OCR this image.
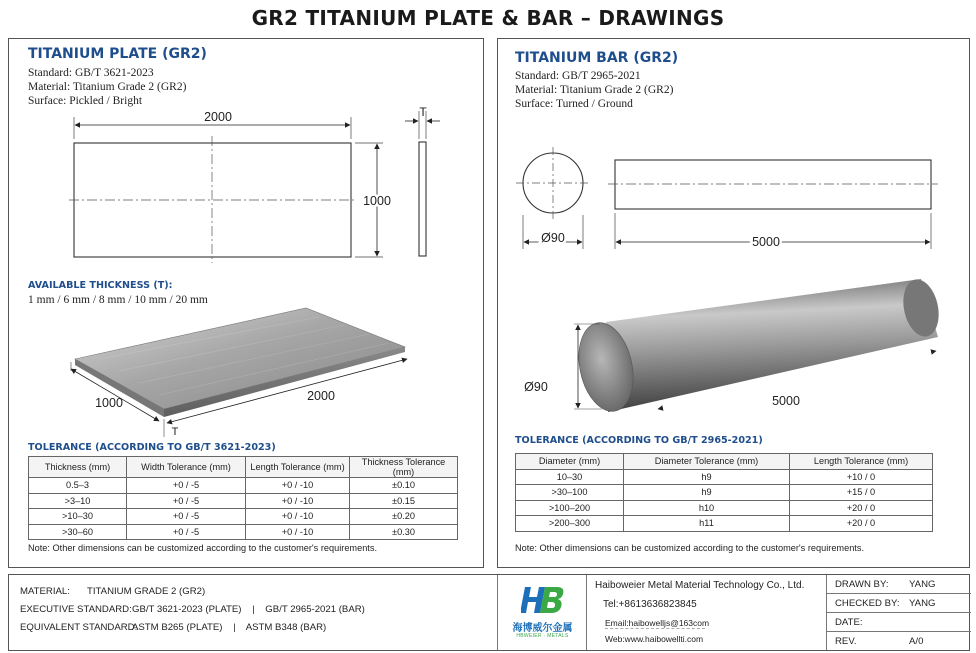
GR2 TITANIUM PLATE & BAR – DRAWINGS
TITANIUM PLATE (GR2)
Standard: GB/T 3621-2023
Material: Titanium Grade 2 (GR2)
Surface: Pickled / Bright
2000
1000
T
AVAILABLE THICKNESS (T):
1 mm / 6 mm / 8 mm / 10 mm / 20 mm
1000	2000
T
TOLERANCE (ACCORDING TO GB/T 3621-2023)
Thickness (mm)	Width Tolerance (mm)	Length Tolerance (mm)	Thickness Tolerance (mm)
0.5–3	+0 / -5	+0 / -10	±0.10
>3–10	+0 / -5	+0 / -10	±0.15
>10–30	+0 / -5	+0 / -10	±0.20
>30–60	+0 / -5	+0 / -10	±0.30
Note: Other dimensions can be customized according to the customer's requirements.
TITANIUM BAR (GR2)
Standard: GB/T 2965-2021
Material: Titanium Grade 2 (GR2)
Surface: Turned / Ground
Ø90	5000
Ø90
5000
TOLERANCE (ACCORDING TO GB/T 2965-2021)
Diameter (mm)	Diameter Tolerance (mm)	Length Tolerance (mm)
10–30	h9	+10 / 0
>30–100	h9	+15 / 0
>100–200	h10	+20 / 0
>200–300	h11	+20 / 0
Note: Other dimensions can be customized according to the customer's requirements.
MATERIAL: TITANIUM GRADE 2 (GR2)
EXECUTIVE STANDARD: GB/T 3621-2023 (PLATE)    |    GB/T 2965-2021 (BAR)
EQUIVALENT STANDARD:
ASTM B265 (PLATE)    |    ASTM B348 (BAR)	海博威尔金属
HBWEIER · METALS
Haiboweier Metal Material Technology Co., Ltd.
Tel:+8613636823845
Email:haibowelljs@163com
Web:www.haibowellti.com
DRAWN BY: YANG
CHECKED BY: YANG
DATE:
REV.	A/0
